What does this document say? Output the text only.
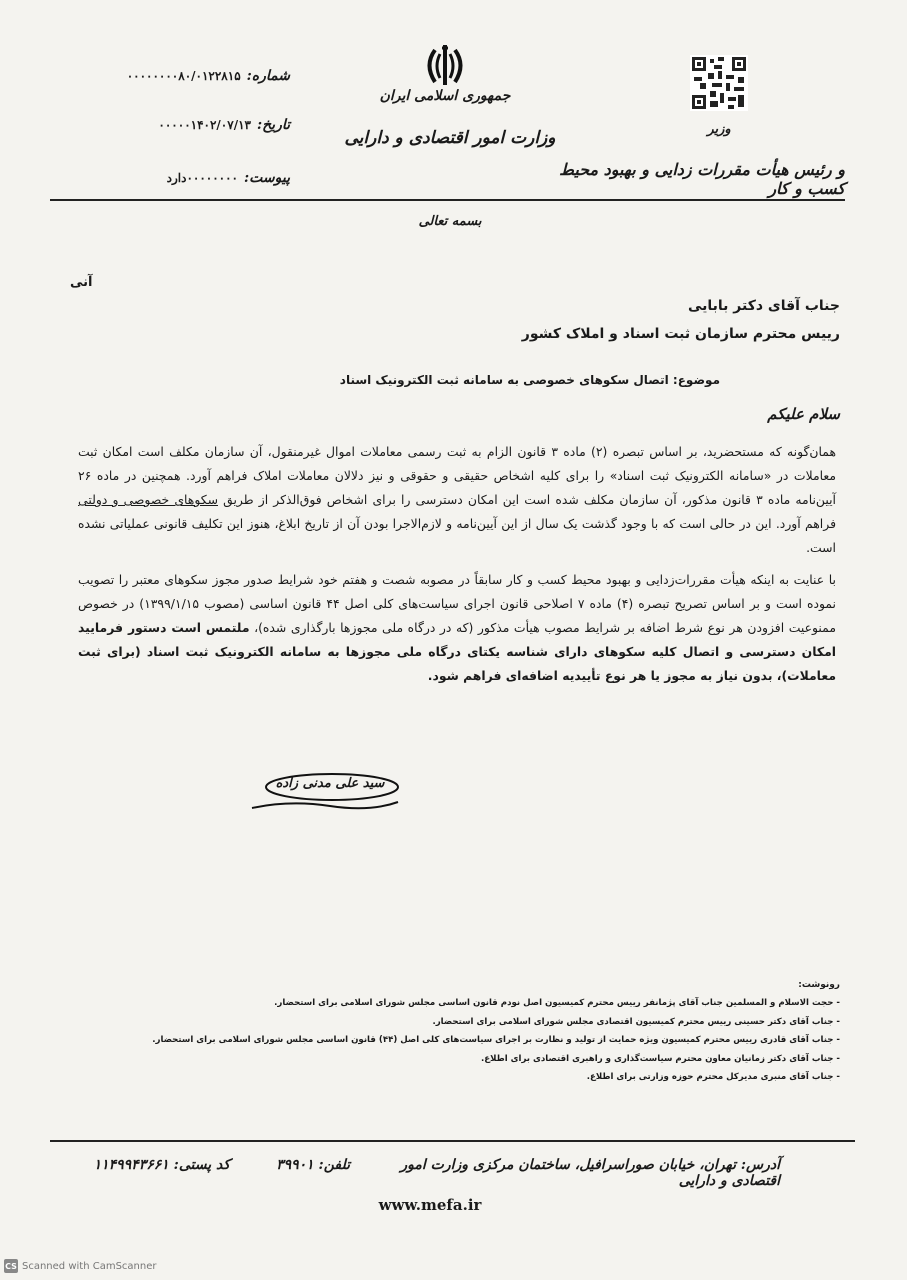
جمهوری اسلامی ایران
وزارت امور اقتصادی و دارایی	وزیر
و رئیس هیأت مقررات زدایی و بهبود محیط کسب و کار
شماره:۰۰۰۰۰۰۰۰۸۰/۰۱۲۲۸۱۵
تاریخ:۰۰۰۰۰۱۴۰۲/۰۷/۱۳
پیوست:۰۰۰۰۰۰۰۰دارد
بسمه تعالی
آنی
جناب آقای دکتر بابایی
رییس محترم سازمان ثبت اسناد و املاک کشور
موضوع: اتصال سکوهای خصوصی به سامانه ثبت الکترونیک اسناد
سلام علیکم

همان‌گونه که مستحضرید، بر اساس تبصره (۲) ماده ۳ قانون الزام به ثبت رسمی معاملات اموال غیرمنقول، آن سازمان مکلف است امکان ثبت معاملات در «سامانه الکترونیک ثبت اسناد» را برای کلیه اشخاص حقیقی و حقوقی و نیز دلالان معاملات املاک فراهم آورد. همچنین در ماده ۲۶ آیین‌نامه ماده ۳ قانون مذکور، آن سازمان مکلف شده است این امکان دسترسی را برای اشخاص فوق‌الذکر از طریق سکوهای خصوصی و دولتی فراهم آورد. این در حالی است که با وجود گذشت یک سال از این آیین‌نامه و لازم‌الاجرا بودن آن از تاریخ ابلاغ، هنوز این تکلیف قانونی عملیاتی نشده است.

با عنایت به اینکه هیأت مقررات‌زدایی و بهبود محیط کسب و کار سابقاً در مصوبه شصت و هفتم خود شرایط صدور مجوز سکوهای معتبر را تصویب نموده است و بر اساس تصریح تبصره (۴) ماده ۷ اصلاحی قانون اجرای سیاست‌های کلی اصل ۴۴ قانون اساسی (مصوب ۱۳۹۹/۱/۱۵) در خصوص ممنوعیت افزودن هر نوع شرط اضافه بر شرایط مصوب هیأت مذکور (که در درگاه ملی مجوزها بارگذاری شده)، ملتمس است دستور فرمایید امکان دسترسی و اتصال کلیه سکوهای دارای شناسه یکتای درگاه ملی مجوزها به سامانه الکترونیک ثبت اسناد (برای ثبت معاملات)، بدون نیاز به مجوز یا هر نوع تأییدیه اضافه‌ای فراهم شود.

سید علی مدنی زاده
رونوشت:
- حجت الاسلام و المسلمین جناب آقای پژمانفر رییس محترم کمیسیون اصل نودم قانون اساسی مجلس شورای اسلامی برای استحضار.
- جناب آقای دکتر حسینی رییس محترم کمیسیون اقتصادی مجلس شورای اسلامی برای استحضار.
- جناب آقای قادری رییس محترم کمیسیون ویژه حمایت از تولید و نظارت بر اجرای سیاست‌های کلی اصل (۴۴) قانون اساسی مجلس شورای اسلامی برای استحضار.
- جناب آقای دکتر زمانیان معاون محترم سیاست‌گذاری و راهبری اقتصادی برای اطلاع.
- جناب آقای منبری مدیرکل محترم حوزه وزارتی برای اطلاع.
آدرس: تهران، خیابان صوراسرافیل، ساختمان مرکزی وزارت امور اقتصادی و دارایی
تلفن: ۳۹۹۰۱
کد پستی: ۱۱۴۹۹۴۳۶۶۱
www.mefa.ir
CS Scanned with CamScanner
